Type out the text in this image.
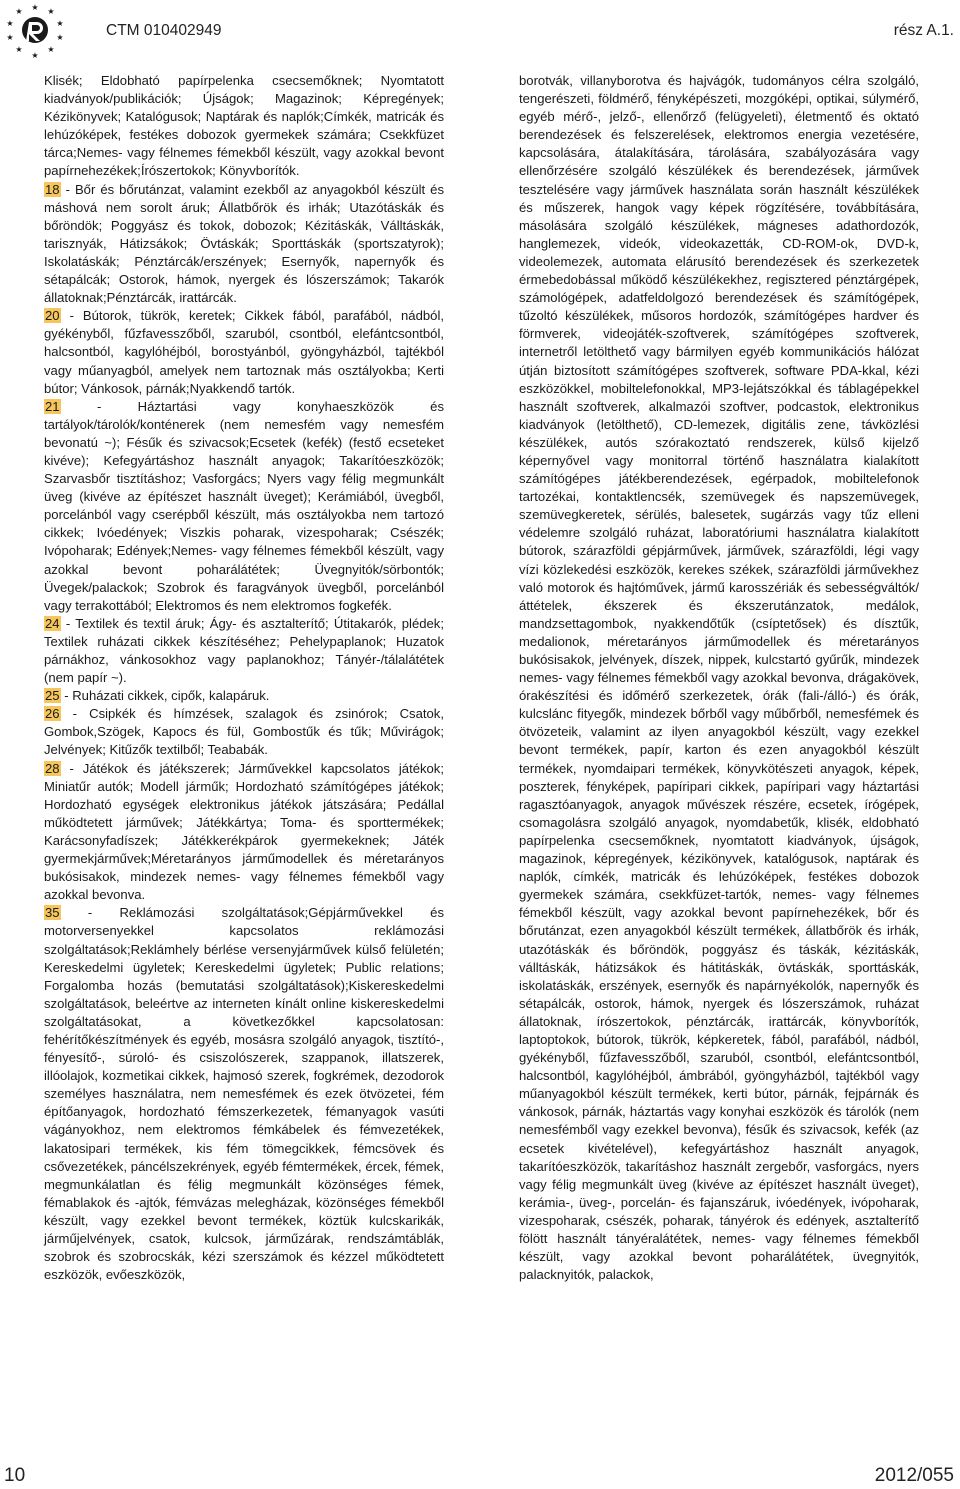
★
★	★
★	★
★	★
★	★
★
CTM 010402949	rész A.1.

Klisék; Eldobható papírpelenka csecsemőknek; Nyomtatott kiadványok/publikációk; Újságok; Magazinok; Képregények; Kézikönyvek; Katalógusok; Naptárak és naplók;Címkék, matricák és lehúzóképek, festékes dobozok gyermekek számára; Csekkfüzet tárca;Nemes- vagy félnemes fémekből készült, vagy azokkal bevont papírnehezékek;Írószertokok; Könyvborítók.

18 - Bőr és bőrutánzat, valamint ezekből az anyagokból készült és máshová nem sorolt áruk; Állatbőrök és irhák; Utazótáskák és bőröndök; Poggyász és tokok, dobozok; Kézitáskák, Válltáskák, tarisznyák, Hátizsákok; Övtáskák; Sporttáskák (sportszatyrok); Iskolatáskák; Pénztárcák/erszények; Esernyők, napernyők és sétapálcák; Ostorok, hámok, nyergek és lószerszámok; Takarók állatoknak;Pénztárcák, irattárcák.

20 - Bútorok, tükrök, keretek; Cikkek fából, parafából, nádból, gyékényből, fűzfavesszőből, szaruból, csontból, elefántcsontból, halcsontból, kagylóhéjból, borostyánból, gyöngyházból, tajtékból vagy műanyagból, amelyek nem tartoznak más osztályokba; Kerti bútor; Vánkosok, párnák;Nyakkendő tartók.

21 - Háztartási vagy konyhaeszközök és tartályok/tárolók/konténerek (nem nemesfém vagy nemesfém bevonatú ~); Fésűk és szivacsok;Ecsetek (kefék) (festő ecseteket kivéve); Kefegyártáshoz használt anyagok; Takarítóeszközök; Szarvasbőr tisztításhoz; Vasforgács; Nyers vagy félig megmunkált üveg (kivéve az építészet használt üveget); Kerámiából, üvegből, porcelánból vagy cserépből készült, más osztályokba nem tartozó cikkek; Ivóedények; Viszkis poharak, vizespoharak; Csészék; Ivópoharak; Edények;Nemes- vagy félnemes fémekből készült, vagy azokkal bevont poharálátétek; Üvegnyitók/sörbontók; Üvegek/palackok; Szobrok és faragványok üvegből, porcelánból vagy terrakottából; Elektromos és nem elektromos fogkefék.

24 - Textilek és textil áruk; Ágy- és asztalterítő; Útitakarók, plédek; Textilek ruházati cikkek készítéséhez; Pehelypaplanok; Huzatok párnákhoz, vánkosokhoz vagy paplanokhoz; Tányér-/tálalátétek (nem papír ~).

25 - Ruházati cikkek, cipők, kalapáruk.

26 - Csipkék és hímzések, szalagok és zsinórok; Csatok, Gombok,Szögek, Kapocs és fül, Gombostűk és tűk; Művirágok; Jelvények; Kitűzők textilből; Teababák.

28 - Játékok és játékszerek; Járművekkel kapcsolatos játékok; Miniatűr autók; Modell járműk; Hordozható számítógépes játékok; Hordozható egységek elektronikus játékok játszására; Pedállal működtetett járművek; Játékkártya; Toma- és sporttermékek; Karácsonyfadíszek; Játékkerékpárok gyermekeknek; Játék gyermekjárművek;Méretarányos járműmodellek és méretarányos bukósisakok, mindezek nemes- vagy félnemes fémekből vagy azokkal bevonva.

35 - Reklámozási szolgáltatások;Gépjárművekkel és motorversenyekkel kapcsolatos reklámozási szolgáltatások;Reklámhely bérlése versenyjárművek külső felületén; Kereskedelmi ügyletek; Kereskedelmi ügyletek; Public relations; Forgalomba hozás (bemutatási szolgáltatások);Kiskereskedelmi szolgáltatások, beleértve az interneten kínált online kiskereskedelmi szolgáltatásokat, a következőkkel kapcsolatosan: fehérítőkészítmények és egyéb, mosásra szolgáló anyagok, tisztító-, fényesítő-, súroló- és csiszolószerek, szappanok, illatszerek, illóolajok, kozmetikai cikkek, hajmosó szerek, fogkrémek, dezodorok személyes használatra, nem nemesfémek és ezek ötvözetei, fém építőanyagok, hordozható fémszerkezetek, fémanyagok vasúti vágányokhoz, nem elektromos fémkábelek és fémvezetékek, lakatosipari termékek, kis fém tömegcikkek, fémcsövek és csővezetékek, páncélszekrények, egyéb fémtermékek, ércek, fémek, megmunkálatlan és félig megmunkált közönséges fémek, fémablakok és -ajtók, fémvázas melegházak, közönséges fémekből készült, vagy ezekkel bevont termékek, köztük kulcskarikák, járműjelvények, csatok, kulcsok, járműzárak, rendszámtáblák, szobrok és szobrocskák, kézi szerszámok és kézzel működtetett eszközök, evőeszközök,

borotvák, villanyborotva és hajvágók, tudományos célra szolgáló, tengerészeti, földmérő, fényképészeti, mozgóképi, optikai, súlymérő, egyéb mérő-, jelző-, ellenőrző (felügyeleti), életmentő és oktató berendezések és felszerelések, elektromos energia vezetésére, kapcsolására, átalakítására, tárolására, szabályozására vagy ellenőrzésére szolgáló készülékek és berendezések, járművek tesztelésére vagy járművek használata során használt készülékek és műszerek, hangok vagy képek rögzítésére, továbbítására, másolására szolgáló készülékek, mágneses adathordozók, hanglemezek, videók, videokazetták, CD-ROM-ok, DVD-k, videolemezek, automata elárusító berendezések és szerkezetek érmebedobással működő készülékekhez, regisztered pénztárgépek, számológépek, adatfeldolgozó berendezések és számítógépek, tűzoltó készülékek, műsoros hordozók, számítógépes hardver és förmverek, videojáték-szoftverek, számítógépes szoftverek, internetről letölthető vagy bármilyen egyéb kommunikációs hálózat útján biztosított számítógépes szoftverek, software PDA-kkal, kézi eszközökkel, mobiltelefonokkal, MP3-lejátszókkal és táblagépekkel használt szoftverek, alkalmazói szoftver, podcastok, elektronikus kiadványok (letölthető), CD-lemezek, digitális zene, távközlési készülékek, autós szórakoztató rendszerek, külső kijelző képernyővel vagy monitorral történő használatra kialakított számítógépes játékberendezések, egérpadok, mobiltelefonok tartozékai, kontaktlencsék, szemüvegek és napszemüvegek, szemüvegkeretek, sérülés, balesetek, sugárzás vagy tűz elleni védelemre szolgáló ruházat, laboratóriumi használatra kialakított bútorok, szárazföldi gépjárművek, járművek, szárazföldi, légi vagy vízi közlekedési eszközök, kerekes székek, szárazföldi járművekhez való motorok és hajtóművek, jármű karosszériák és sebességváltók/áttételek, ékszerek és ékszerutánzatok, medálok, mandzsettagombok, nyakkendőtűk (csíptetősek) és dísztűk, medalionok, méretarányos járműmodellek és méretarányos bukósisakok, jelvények, díszek, nippek, kulcstartó gyűrűk, mindezek nemes- vagy félnemes fémekből vagy azokkal bevonva, drágakövek, órakészítési és időmérő szerkezetek, órák (fali-/álló-) és órák, kulcslánc fityegők, mindezek bőrből vagy műbőrből, nemesfémek és ötvözeteik, valamint az ilyen anyagokból készült, vagy ezekkel bevont termékek, papír, karton és ezen anyagokból készült termékek, nyomdaipari termékek, könyvkötészeti anyagok, képek, poszterek, fényképek, papíripari cikkek, papíripari vagy háztartási ragasztóanyagok, anyagok művészek részére, ecsetek, írógépek, csomagolásra szolgáló anyagok, nyomdabetűk, klisék, eldobható papírpelenka csecsemőknek, nyomtatott kiadványok, újságok, magazinok, képregények, kézikönyvek, katalógusok, naptárak és naplók, címkék, matricák és lehúzóképek, festékes dobozok gyermekek számára, csekkfüzet-tartók, nemes- vagy félnemes fémekből készült, vagy azokkal bevont papírnehezékek, bőr és bőrutánzat, ezen anyagokból készült termékek, állatbőrök és irhák, utazótáskák és bőröndök, poggyász és táskák, kézitáskák, válltáskák, hátizsákok és hátitáskák, övtáskák, sporttáskák, iskolatáskák, erszények, esernyők és napárnyékolók, napernyők és sétapálcák, ostorok, hámok, nyergek és lószerszámok, ruházat állatoknak, írószertokok, pénztárcák, irattárcák, könyvborítók, laptoptokok, bútorok, tükrök, képkeretek, fából, parafából, nádból, gyékényből, fűzfavesszőből, szaruból, csontból, elefántcsontból, halcsontból, kagylóhéjból, ámbrából, gyöngyházból, tajtékból vagy műanyagokból készült termékek, kerti bútor, párnák, fejpárnák és vánkosok, párnák, háztartás vagy konyhai eszközök és tárolók (nem nemesfémből vagy ezekkel bevonva), fésűk és szivacsok, kefék (az ecsetek kivételével), kefegyártáshoz használt anyagok, takarítóeszközök, takarításhoz használt zergebőr, vasforgács, nyers vagy félig megmunkált üveg (kivéve az építészet használt üveget), kerámia-, üveg-, porcelán- és fajanszáruk, ivóedények, ivópoharak, vizespoharak, csészék, poharak, tányérok és edények, asztalterítő fölött használt tányéralátétek, nemes- vagy félnemes fémekből készült, vagy azokkal bevont poharálátétek, üvegnyitók, palacknyitók, palackok,

10	2012/055
